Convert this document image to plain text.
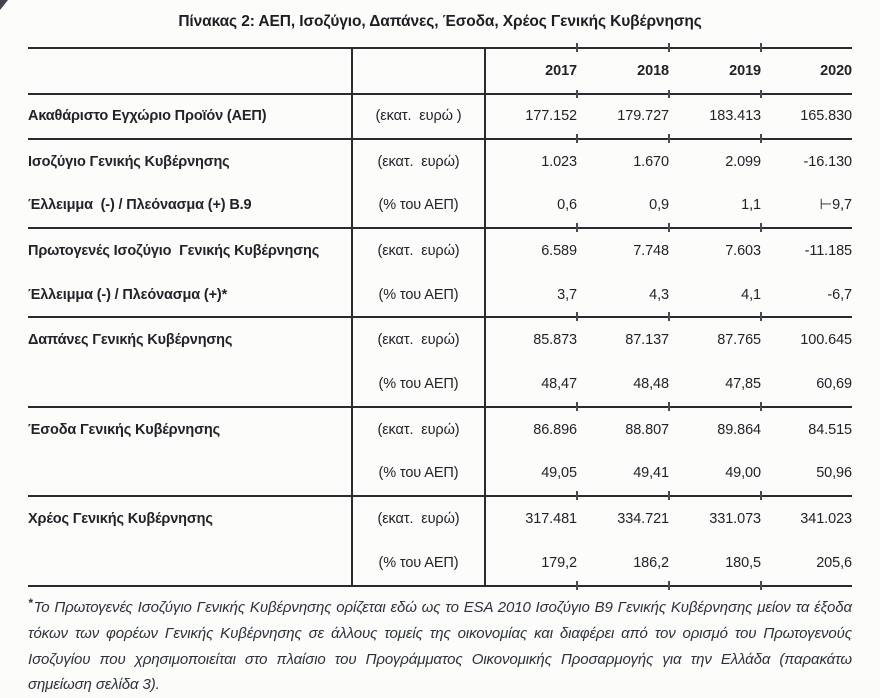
Πίνακας 2: ΑΕΠ, Ισοζύγιο, Δαπάνες, Έσοδα, Χρέος Γενικής Κυβέρνησης
		2017	2018	2019	2020
Ακαθάριστο Εγχώριο Προϊόν (ΑΕΠ)	(εκατ.  ευρώ )	177.152	179.727	183.413	165.830
Ισοζύγιο Γενικής Κυβέρνησης	(εκατ.  ευρώ)	1.023	1.670	2.099	-16.130
Έλλειμμα  (-) / Πλεόνασμα (+) B.9	(% του ΑΕΠ)	0,6	0,9	1,1	⊢9,7
Πρωτογενές Ισοζύγιο  Γενικής Κυβέρνησης	(εκατ.  ευρώ)	6.589	7.748	7.603	-11.185
Έλλειμμα (-) / Πλεόνασμα (+)*	(% του ΑΕΠ)	3,7	4,3	4,1	-6,7
Δαπάνες Γενικής Κυβέρνησης	(εκατ.  ευρώ)	85.873	87.137	87.765	100.645
	(% του ΑΕΠ)	48,47	48,48	47,85	60,69
Έσοδα Γενικής Κυβέρνησης	(εκατ.  ευρώ)	86.896	88.807	89.864	84.515
	(% του ΑΕΠ)	49,05	49,41	49,00	50,96
Χρέος Γενικής Κυβέρνησης	(εκατ.  ευρώ)	317.481	334.721	331.073	341.023
	(% του ΑΕΠ)	179,2	186,2	180,5	205,6
*Το Πρωτογενές Ισοζύγιο Γενικής Κυβέρνησης ορίζεται εδώ ως το ESA 2010 Ισοζύγιο B9 Γενικής Κυβέρνησης μείον τα έξοδα τόκων των φορέων Γενικής Κυβέρνησης σε άλλους τομείς της οικονομίας και διαφέρει από τον ορισμό του Πρωτογενούς Ισοζυγίου που χρησιμοποιείται στο πλαίσιο του Προγράμματος Οικονομικής Προσαρμογής για την Ελλάδα (παρακάτω σημείωση σελίδα 3).
